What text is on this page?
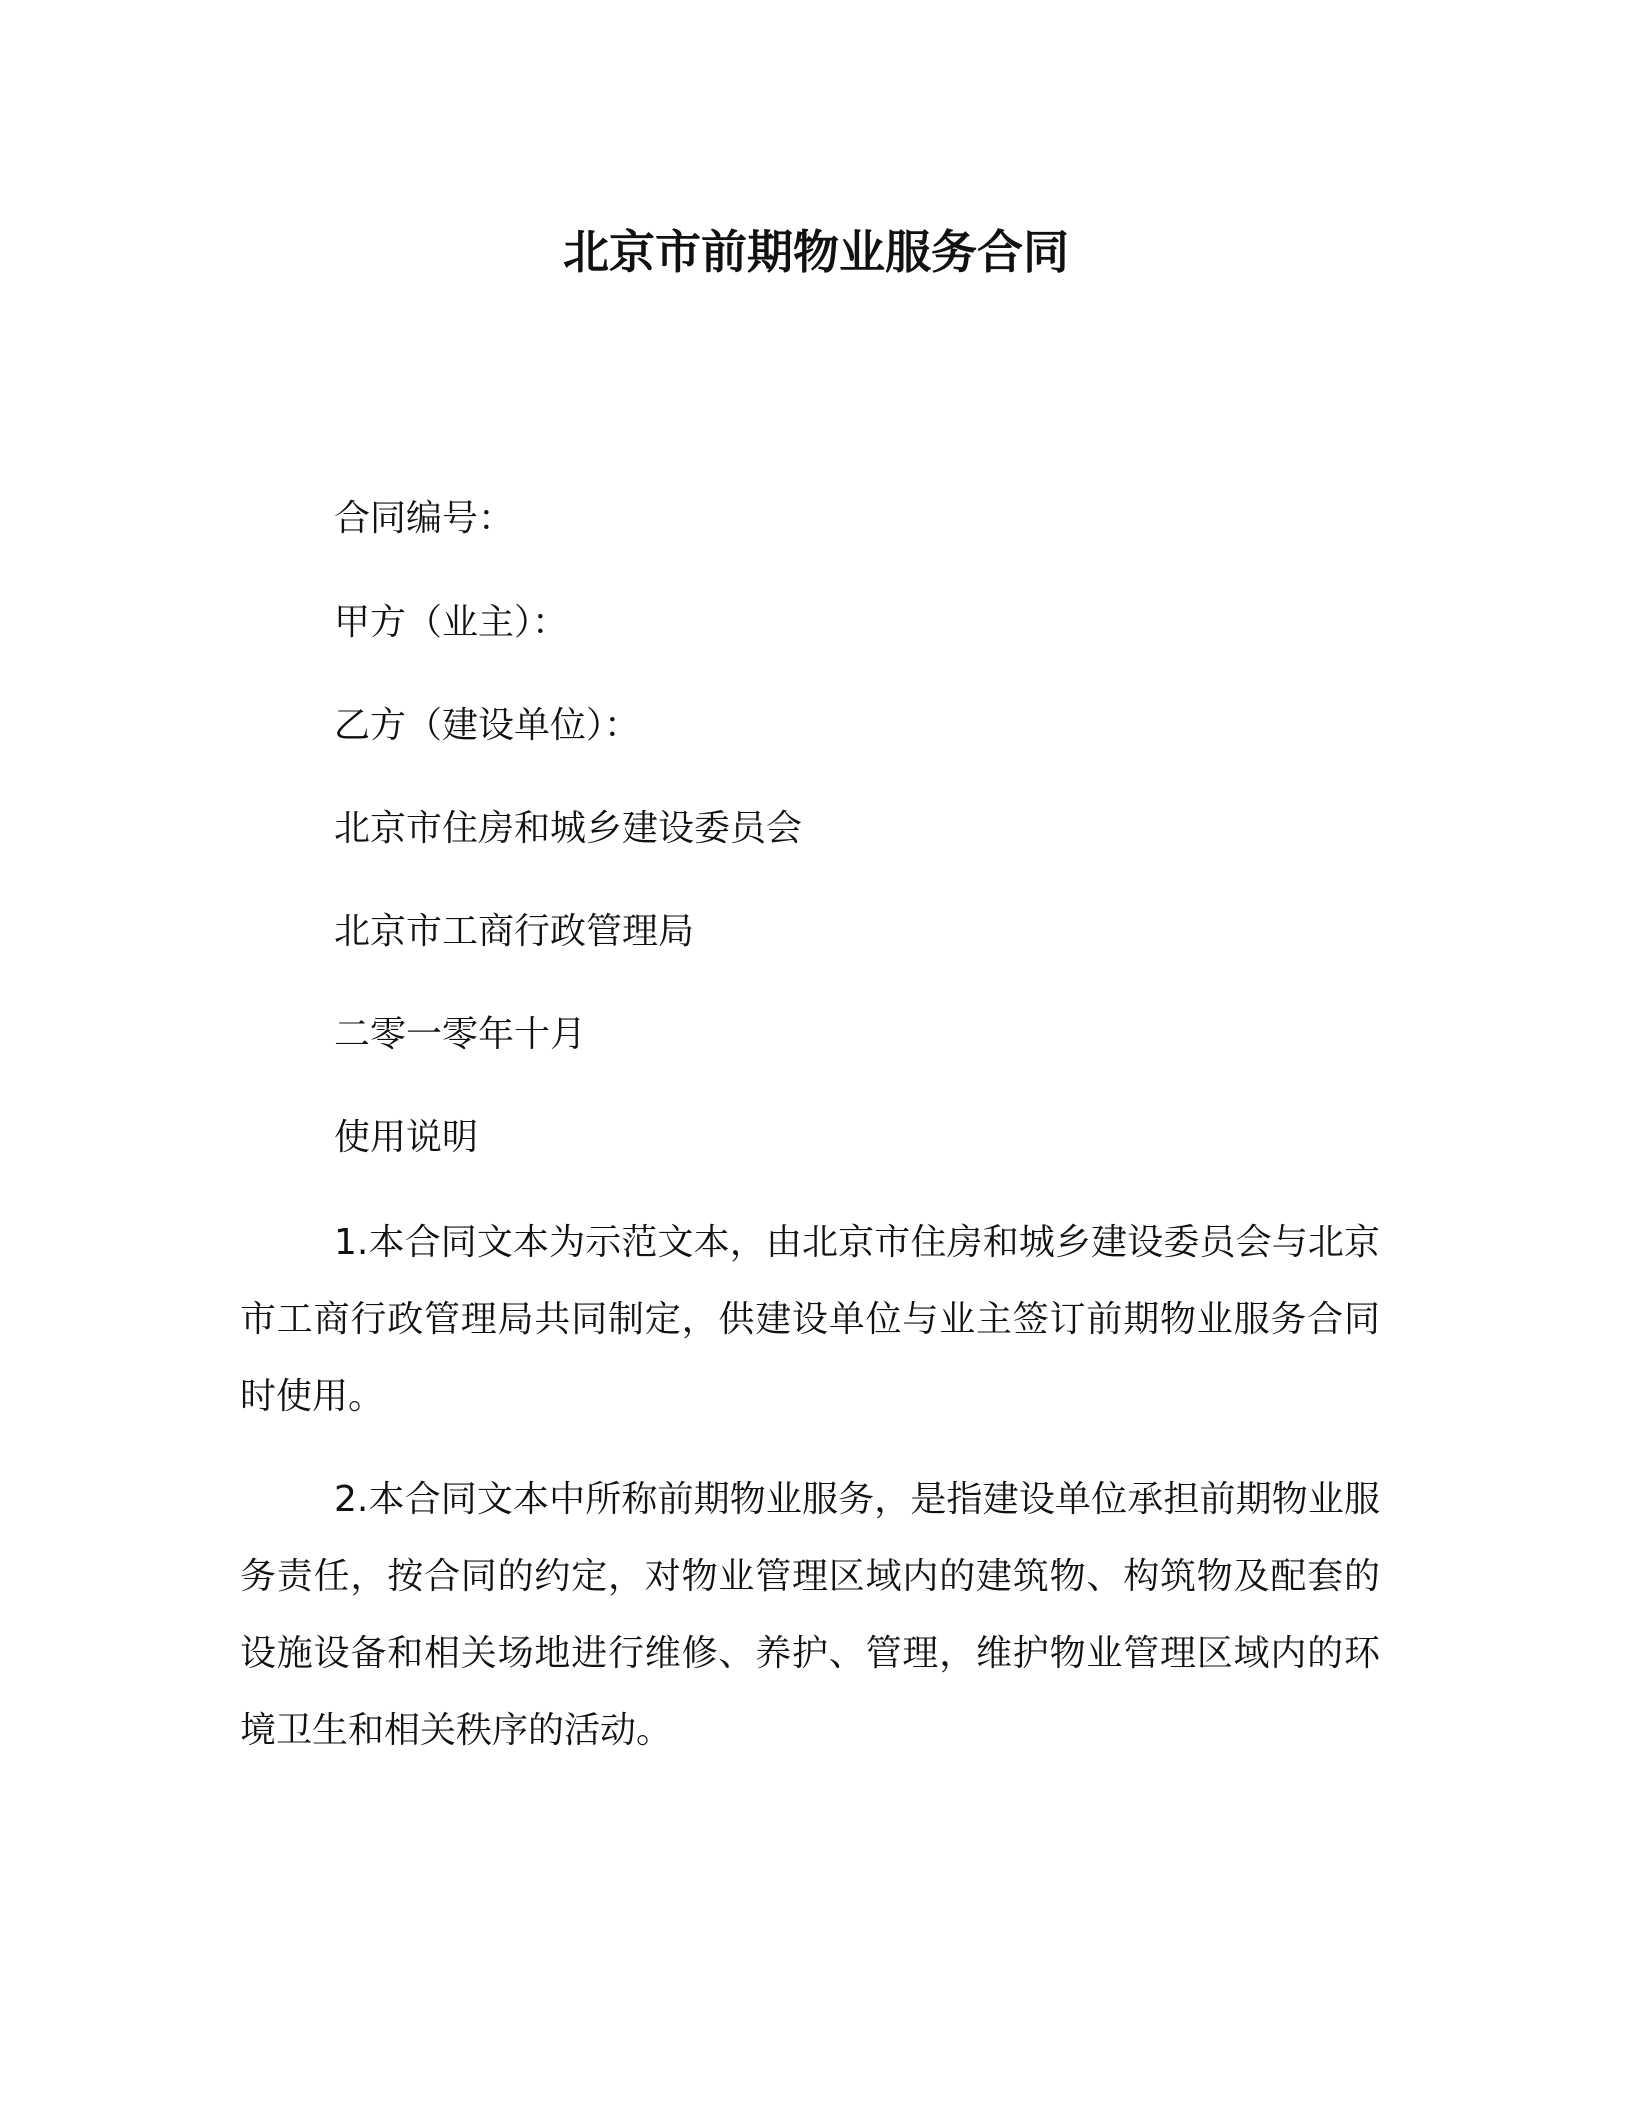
北京市前期物业服务合同
合同编号：
甲方（业主）：
乙方（建设单位）：
北京市住房和城乡建设委员会
北京市工商行政管理局
二零一零年十月
使用说明

1.本合同文本为示范文本，由北京市住房和城乡建设委员会与北京市工商行政管理局共同制定，供建设单位与业主签订前期物业服务合同时使用。

2.本合同文本中所称前期物业服务，是指建设单位承担前期物业服务责任，按合同的约定，对物业管理区域内的建筑物、构筑物及配套的设施设备和相关场地进行维修、养护、管理，维护物业管理区域内的环境卫生和相关秩序的活动。
